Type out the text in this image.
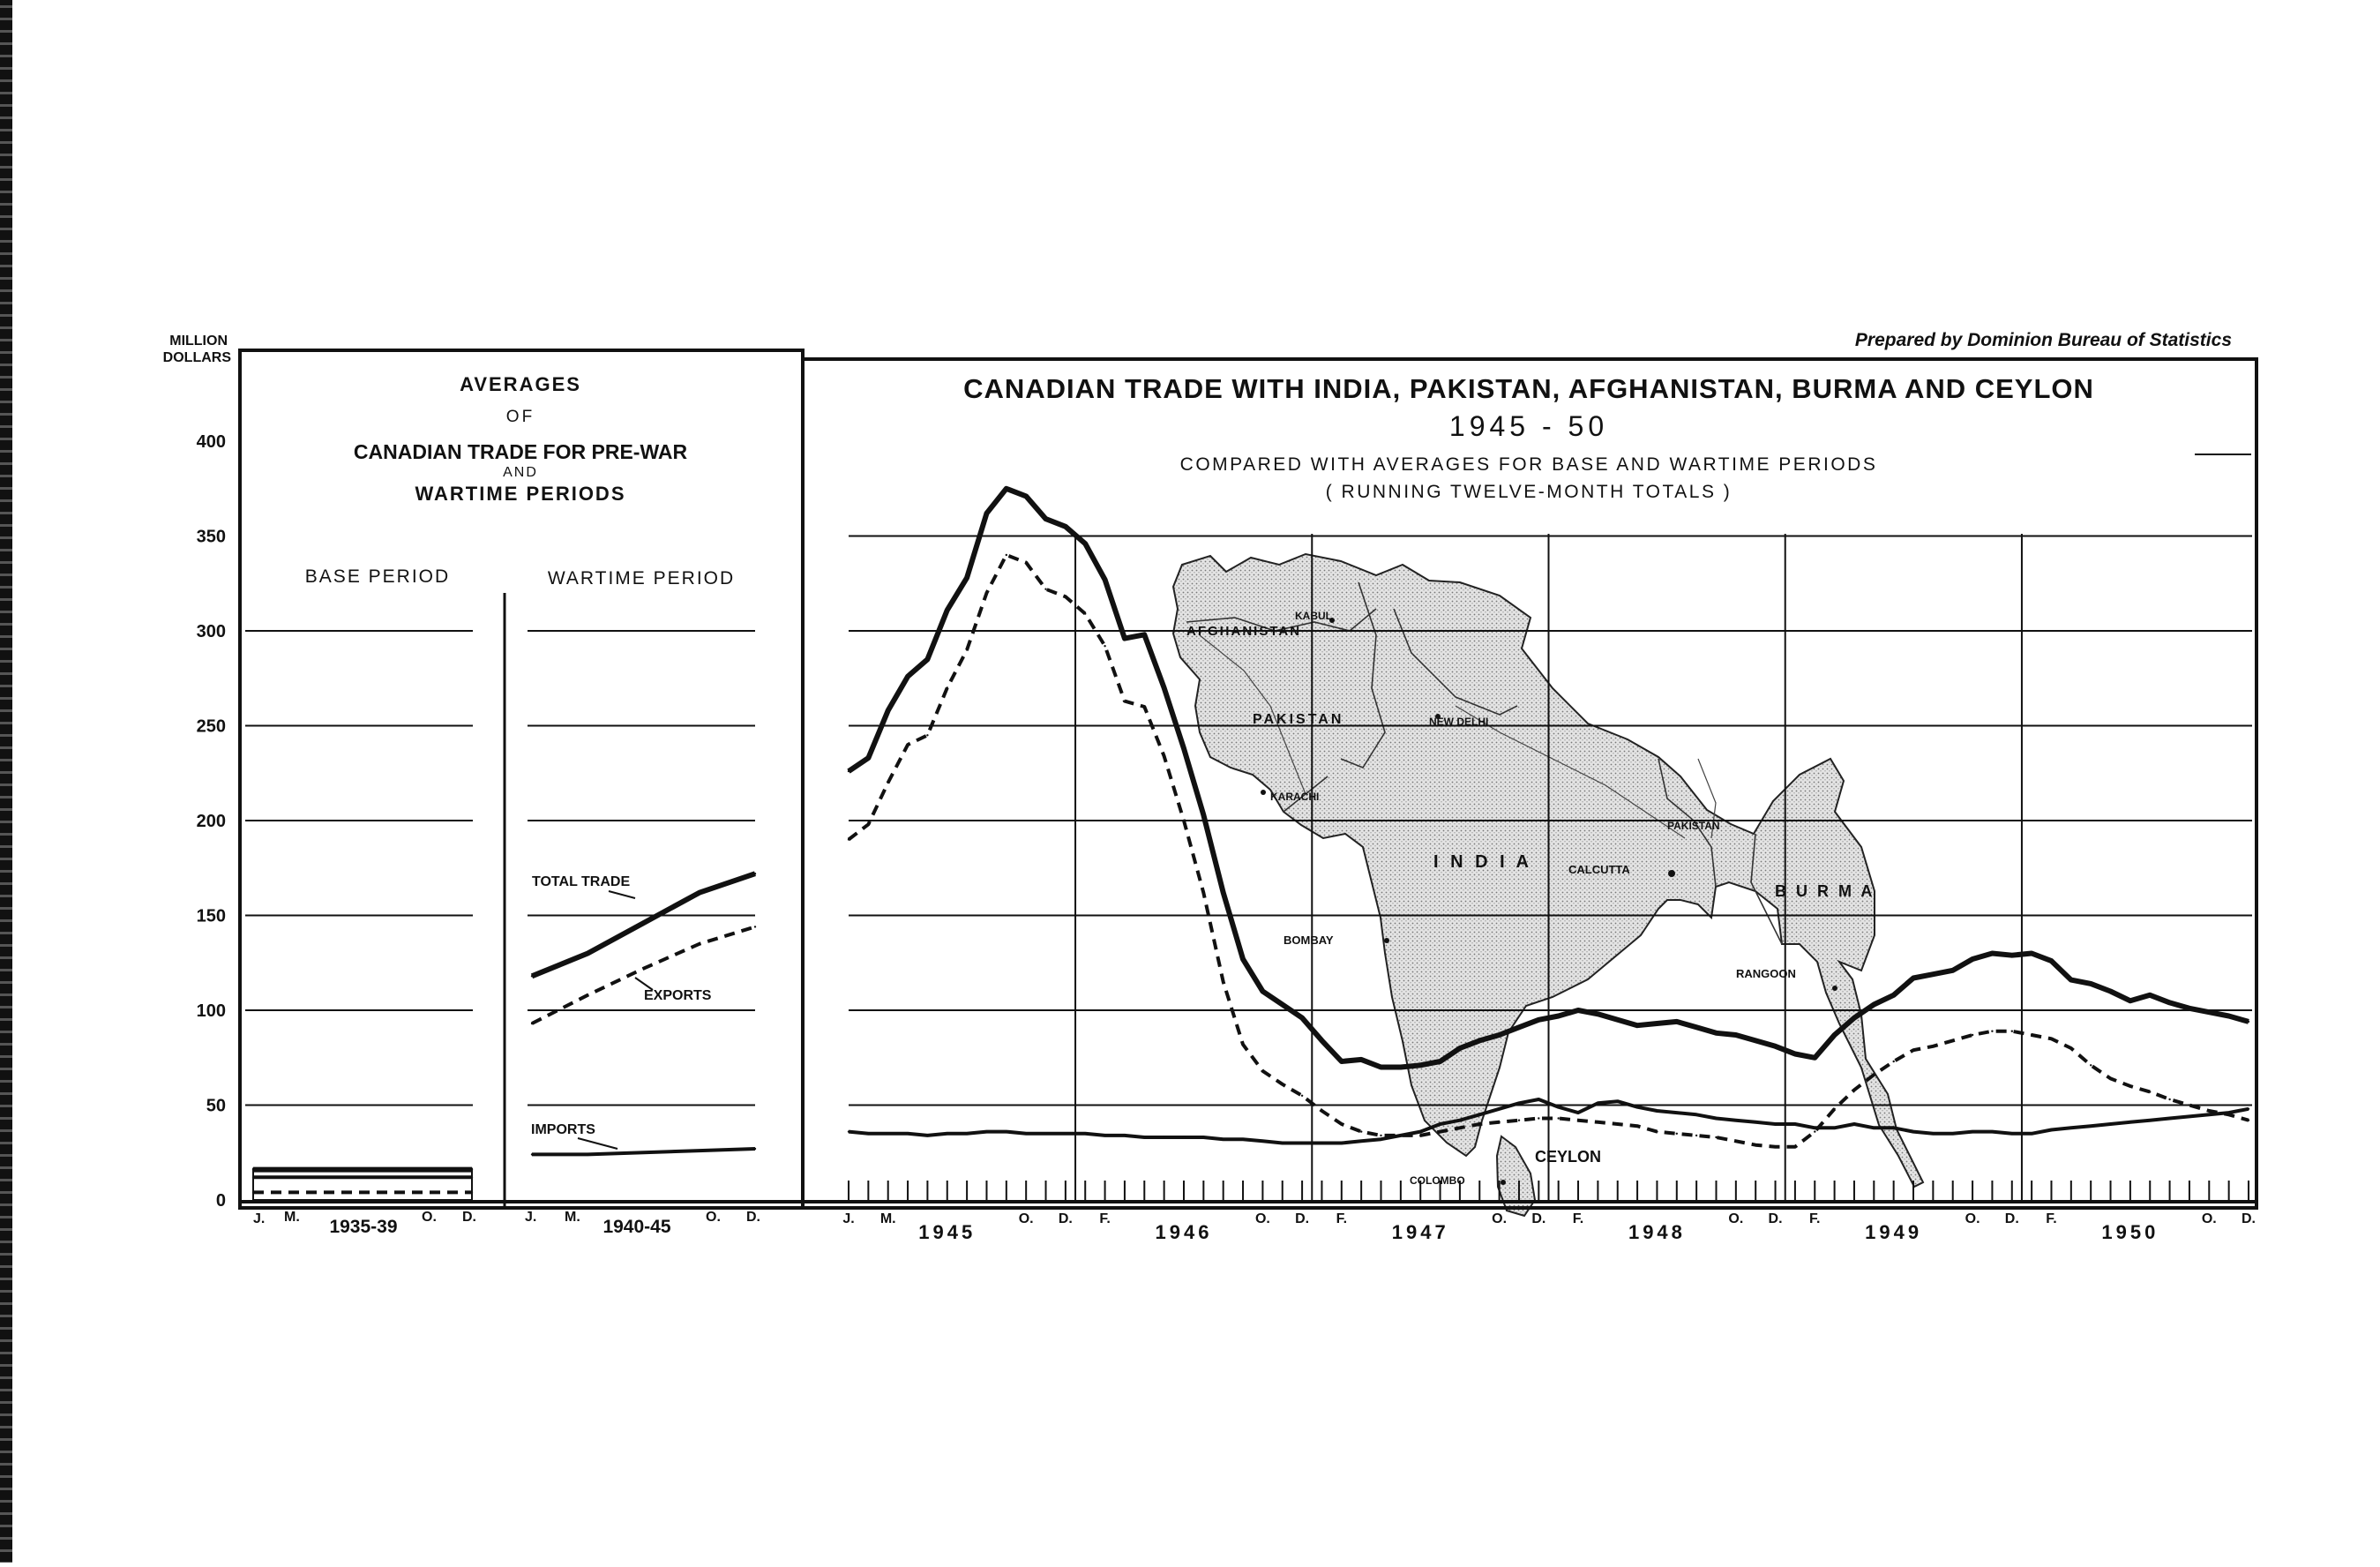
Prepared by Dominion Bureau of Statistics
MILLION
DOLLARS
0
50
100
150
200
250
300
350
400
KABUL
AFGHANISTAN
PAKISTAN	NEW DELHI
KARACHI
I N D I A	CALCUTTA
PAKISTAN
B U R M A
BOMBAY
RANGOON
COLOMBO
CEYLON
AVERAGES
OF
CANADIAN TRADE FOR PRE-WAR
AND
WARTIME PERIODS
BASE PERIOD	WARTIME PERIOD
TOTAL TRADE
EXPORTS
IMPORTS
J. M. 1935-39 O. D.	J. M. 1940-45 O. D.
CANADIAN TRADE WITH INDIA, PAKISTAN, AFGHANISTAN, BURMA AND CEYLON
1945 - 50
COMPARED WITH AVERAGES FOR BASE AND WARTIME PERIODS
( RUNNING TWELVE-MONTH TOTALS )
J. M.	O. D. F.	O. D. F.	O. D. F.	O. D. F.	O. D. F.	O. D.
1945	1946	1947	1948	1949	1950
